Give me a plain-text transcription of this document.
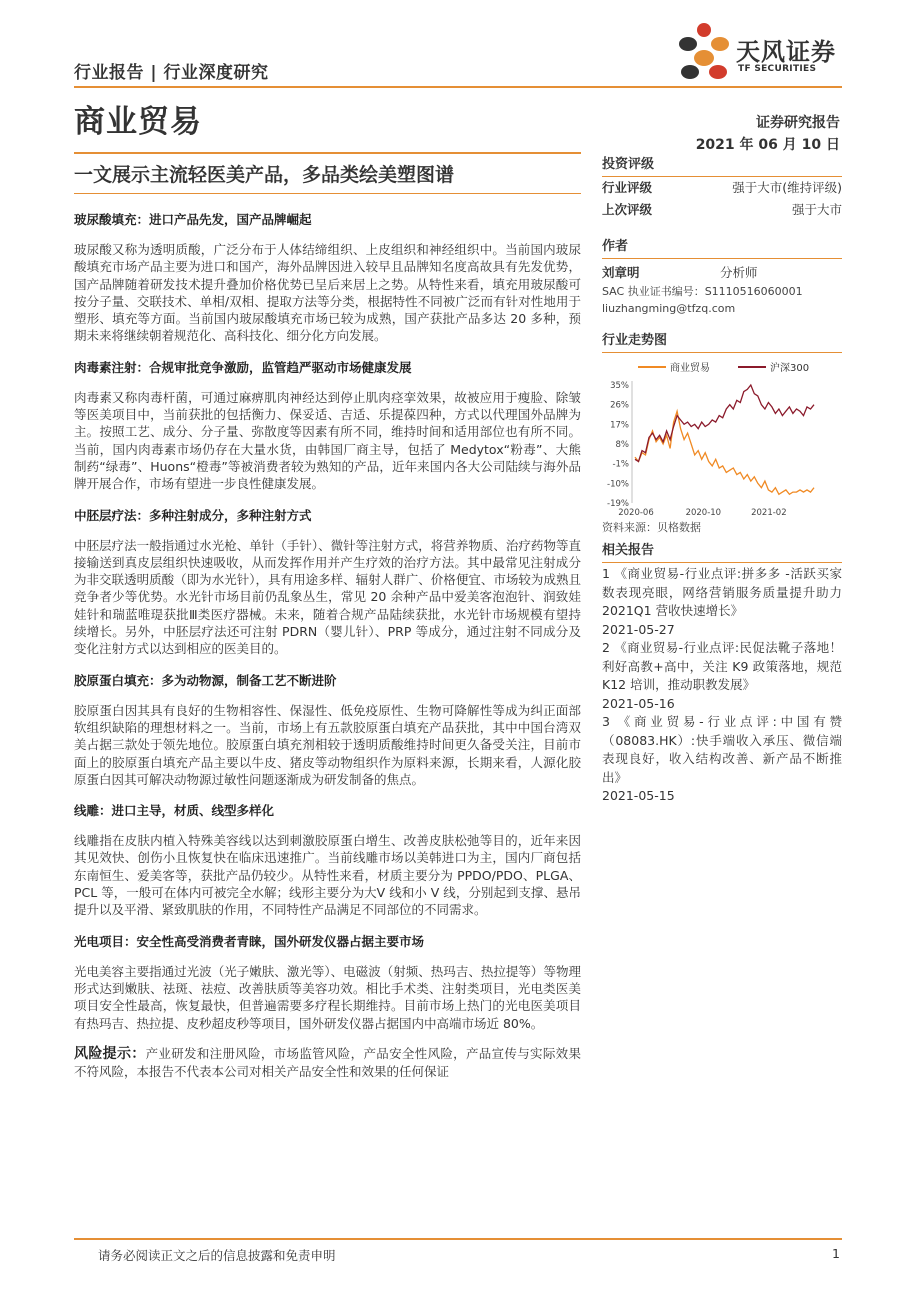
行业报告 | 行业深度研究
天风证券
TF SECURITIES
商业贸易	证券研究报告
2021 年 06 月 10 日
一文展示主流轻医美产品，多品类绘美塑图谱
玻尿酸填充：进口产品先发，国产品牌崛起
玻尿酸又称为透明质酸，广泛分布于人体结缔组织、上皮组织和神经组织中。当前国内玻尿酸填充市场产品主要为进口和国产，海外品牌因进入较早且品牌知名度高故具有先发优势，国产品牌随着研发技术提升叠加价格优势已呈后来居上之势。从特性来看，填充用玻尿酸可按分子量、交联技术、单相/双相、提取方法等分类，根据特性不同被广泛而有针对性地用于塑形、填充等方面。当前国内玻尿酸填充市场已较为成熟，国产获批产品多达 20 多种，预期未来将继续朝着规范化、高科技化、细分化方向发展。
肉毒素注射：合规审批竞争激励，监管趋严驱动市场健康发展
肉毒素又称肉毒杆菌，可通过麻痹肌肉神经达到停止肌肉痉挛效果，故被应用于瘦脸、除皱等医美项目中，当前获批的包括衡力、保妥适、吉适、乐提葆四种，方式以代理国外品牌为主。按照工艺、成分、分子量、弥散度等因素有所不同，维持时间和适用部位也有所不同。当前，国内肉毒素市场仍存在大量水货，由韩国厂商主导，包括了 Medytox“粉毒”、大熊制药“绿毒”、Huons“橙毒”等被消费者较为熟知的产品，近年来国内各大公司陆续与海外品牌开展合作，市场有望进一步良性健康发展。
中胚层疗法：多种注射成分，多种注射方式
中胚层疗法一般指通过水光枪、单针（手针）、微针等注射方式，将营养物质、治疗药物等直接输送到真皮层组织快速吸收，从而发挥作用并产生疗效的治疗方法。其中最常见注射成分为非交联透明质酸（即为水光针），具有用途多样、辐射人群广、价格便宜、市场较为成熟且竞争者少等优势。水光针市场目前仍乱象丛生，常见 20 余种产品中爱美客泡泡针、润致娃娃针和瑞蓝唯瑅获批Ⅲ类医疗器械。未来，随着合规产品陆续获批，水光针市场规模有望持续增长。另外，中胚层疗法还可注射 PDRN（婴儿针）、PRP 等成分，通过注射不同成分及变化注射方式以达到相应的医美目的。
胶原蛋白填充：多为动物源，制备工艺不断进阶
胶原蛋白因其具有良好的生物相容性、保湿性、低免疫原性、生物可降解性等成为纠正面部软组织缺陷的理想材料之一。当前，市场上有五款胶原蛋白填充产品获批，其中中国台湾双美占据三款处于领先地位。胶原蛋白填充剂相较于透明质酸维持时间更久备受关注，目前市面上的胶原蛋白填充产品主要以牛皮、猪皮等动物组织作为原料来源，长期来看，人源化胶原蛋白因其可解决动物源过敏性问题逐渐成为研发制备的焦点。
线雕：进口主导，材质、线型多样化
线雕指在皮肤内植入特殊美容线以达到刺激胶原蛋白增生、改善皮肤松弛等目的，近年来因其见效快、创伤小且恢复快在临床迅速推广。当前线雕市场以美韩进口为主，国内厂商包括东南恒生、爱美客等，获批产品仍较少。从特性来看，材质主要分为 PPDO/PDO、PLGA、PCL 等，一般可在体内可被完全水解；线形主要分为大V 线和小 V 线，分别起到支撑、悬吊提升以及平滑、紧致肌肤的作用，不同特性产品满足不同部位的不同需求。
光电项目：安全性高受消费者青睐，国外研发仪器占据主要市场
光电美容主要指通过光波（光子嫩肤、激光等）、电磁波（射频、热玛吉、热拉提等）等物理形式达到嫩肤、祛斑、祛痘、改善肤质等美容功效。相比手术类、注射类项目，光电类医美项目安全性最高，恢复最快，但普遍需要多疗程长期维持。目前市场上热门的光电医美项目有热玛吉、热拉提、皮秒超皮秒等项目，国外研发仪器占据国内中高端市场近 80%。
风险提示：产业研发和注册风险，市场监管风险，产品安全性风险，产品宣传与实际效果不符风险，本报告不代表本公司对相关产品安全性和效果的任何保证
投资评级
行业评级	强于大市(维持评级)
上次评级	强于大市
作者
刘章明	分析师
SAC 执业证书编号：S1110516060001
liuzhangming@tfzq.com
行业走势图
商业贸易	沪深300
35%
26%
17%
8%
-1%
-10%
-19%
2020-06	2020-10	2021-02
资料来源：贝格数据
相关报告
1 《商业贸易-行业点评:拼多多 -活跃买家数表现亮眼，网络营销服务质量提升助力 2021Q1 营收快速增长》
2021-05-27
2 《商业贸易-行业点评:民促法靴子落地！利好高教+高中，关注 K9 政策落地，规范 K12 培训，推动职教发展》
2021-05-16
3 《商业贸易-行业点评:中国有赞（08083.HK）:快手端收入承压、微信端表现良好，收入结构改善、新产品不断推出》
2021-05-15
请务必阅读正文之后的信息披露和免责申明	1
